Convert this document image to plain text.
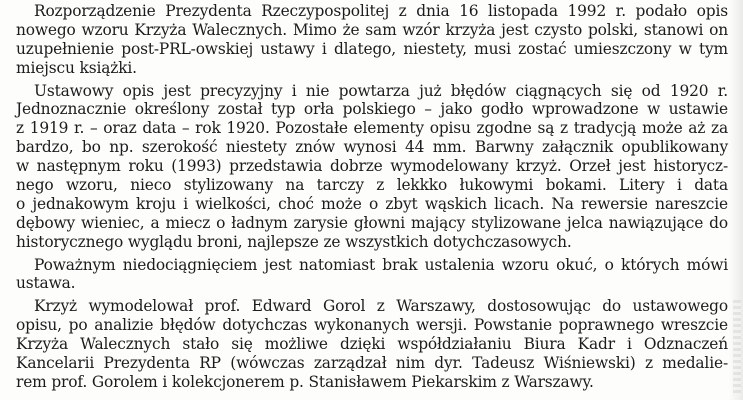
Rozporządzenie Prezydenta Rzeczypospolitej z dnia 16 listopada 1992 r. podało opis
nowego wzoru Krzyża Walecznych. Mimo że sam wzór krzyża jest czysto polski, stanowi on
uzupełnienie post-PRL-owskiej ustawy i dlatego, niestety, musi zostać umieszczony w tym
miejscu książki.
Ustawowy opis jest precyzyjny i nie powtarza już błędów ciągnących się od 1920 r.
Jednoznacznie określony został typ orła polskiego – jako godło wprowadzone w ustawie
z 1919 r. – oraz data – rok 1920. Pozostałe elementy opisu zgodne są z tradycją może aż za
bardzo, bo np. szerokość niestety znów wynosi 44 mm. Barwny załącznik opublikowany
w następnym roku (1993) przedstawia dobrze wymodelowany krzyż. Orzeł jest historycz-
nego wzoru, nieco stylizowany na tarczy z lekkko łukowymi bokami. Litery i data
o jednakowym kroju i wielkości, choć może o zbyt wąskich licach. Na rewersie nareszcie
dębowy wieniec, a miecz o ładnym zarysie głowni mający stylizowane jelca nawiązujące do
historycznego wyglądu broni, najlepsze ze wszystkich dotychczasowych.
Poważnym niedociągnięciem jest natomiast brak ustalenia wzoru okuć, o których mówi
ustawa.
Krzyż wymodelował prof. Edward Gorol z Warszawy, dostosowując do ustawowego
opisu, po analizie błędów dotychczas wykonanych wersji. Powstanie poprawnego wreszcie
Krzyża Walecznych stało się możliwe dzięki współdziałaniu Biura Kadr i Odznaczeń
Kancelarii Prezydenta RP (wówczas zarządzał nim dyr. Tadeusz Wiśniewski) z medalie-
rem prof. Gorolem i kolekcjonerem p. Stanisławem Piekarskim z Warszawy.
